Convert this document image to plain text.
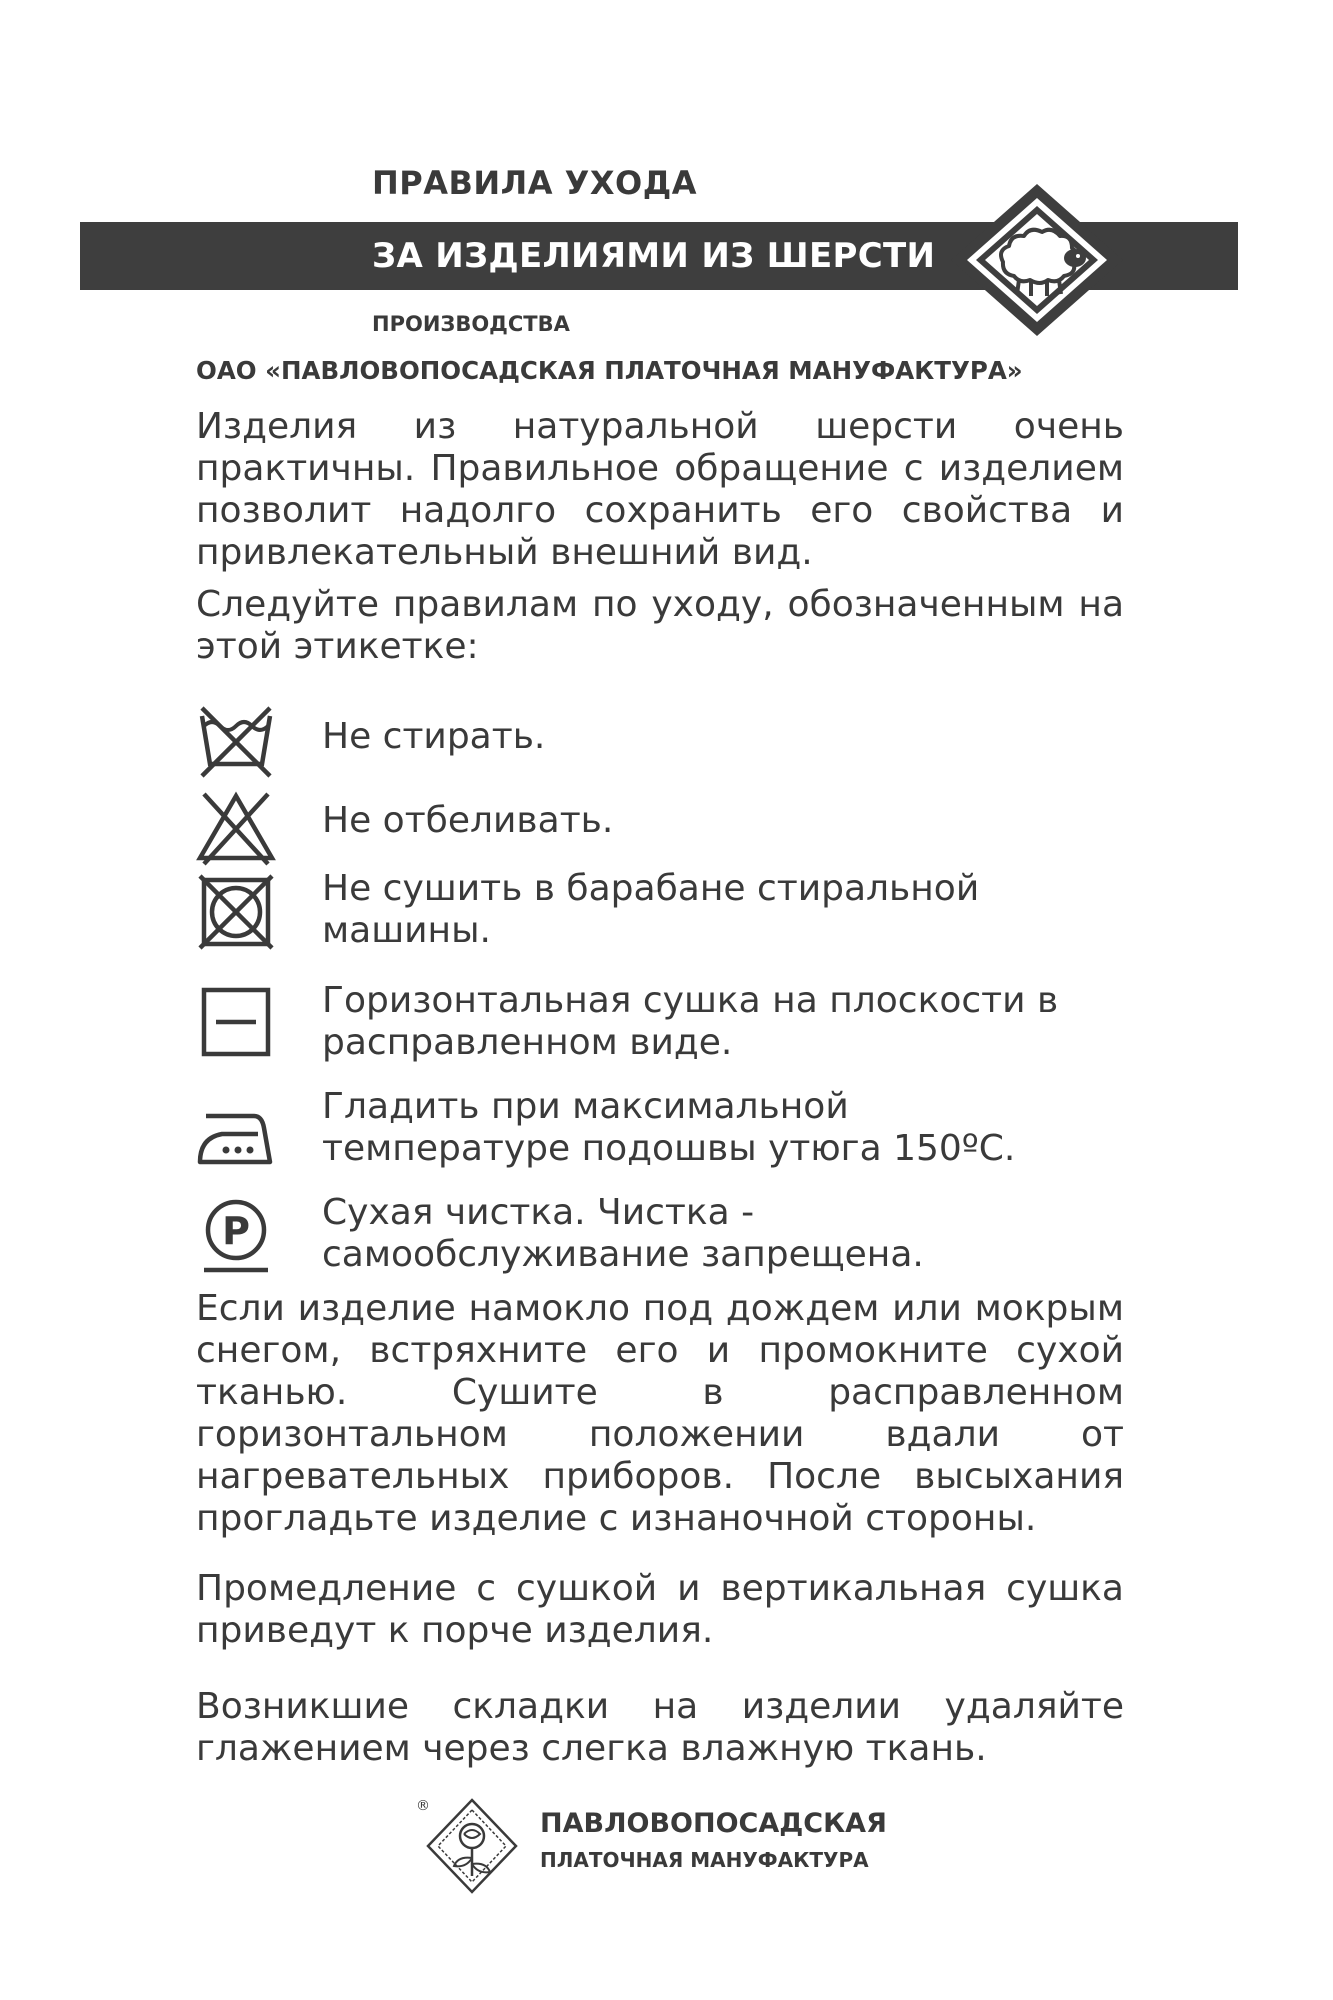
ПРАВИЛА УХОДА
ЗА ИЗДЕЛИЯМИ ИЗ ШЕРСТИ
ПРОИЗВОДСТВА
ОАО «ПАВЛОВОПОСАДСКАЯ ПЛАТОЧНАЯ МАНУФАКТУРА»
Изделия из натуральной шерсти очень практичны. Правильное обращение с изделием позволит надолго сохранить его свойства и привлекательный внешний вид.
Следуйте правилам по уходу, обозначенным на этой этикетке:
Не стирать.
Не отбеливать.
Не сушить в барабане стиральной машины.
Горизонтальная сушка на плоскости в расправленном виде.
Гладить при максимальной температуре подошвы утюга 150ºС.
P Сухая чистка. Чистка - самообслуживание запрещена.
Если изделие намокло под дождем или мокрым снегом, встряхните его и промокните сухой тканью. Сушите в расправленном горизонтальном положении вдали от нагревательных приборов. После высыхания прогладьте изделие с изнаночной стороны.
Промедление с сушкой и вертикальная сушка приведут к порче изделия.
Возникшие складки на изделии удаляйте глажением через слегка влажную ткань.
®
ПАВЛОВОПОСАДСКАЯ
ПЛАТОЧНАЯ МАНУФАКТУРА
